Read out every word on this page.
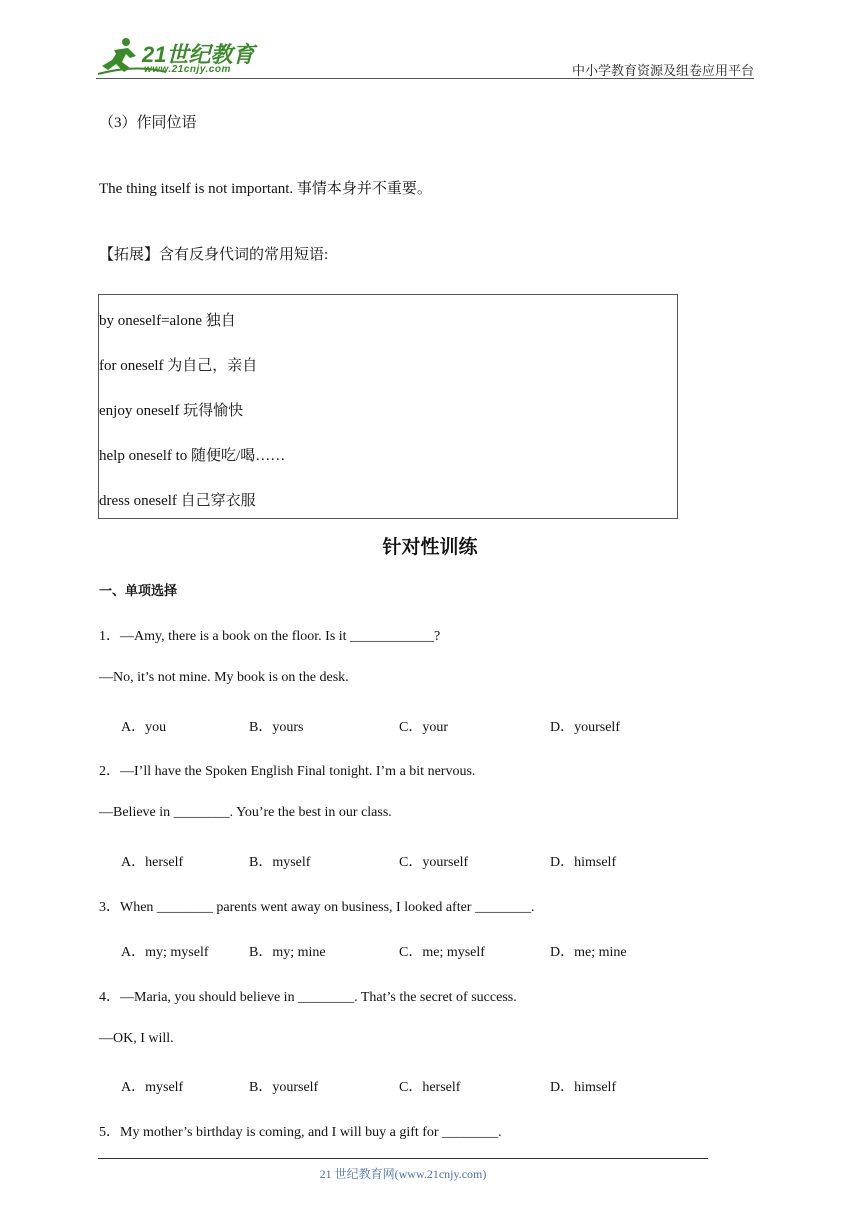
21世纪教育
www.21cnjy.com	中小学教育资源及组卷应用平台
（3）作同位语
The thing itself is not important. 事情本身并不重要。
【拓展】含有反身代词的常用短语:
by oneself=alone 独自
for oneself 为自己，亲自
enjoy oneself 玩得愉快
help oneself to 随便吃/喝……
dress oneself 自己穿衣服
针对性训练
一、单项选择
1．—Amy, there is a book on the floor. Is it ____________?
—No, it’s not mine. My book is on the desk.
A．you	B．yours	C．your	D．yourself
2．—I’ll have the Spoken English Final tonight. I’m a bit nervous.
—Believe in ________. You’re the best in our class.
A．herself	B．myself	C．yourself	D．himself
3．When ________ parents went away on business, I looked after ________.
A．my; myself	B．my; mine	C．me; myself	D．me; mine
4．—Maria, you should believe in ________. That’s the secret of success.
—OK, I will.
A．myself	B．yourself	C．herself	D．himself
5．My mother’s birthday is coming, and I will buy a gift for ________.
21 世纪教育网(www.21cnjy.com)
